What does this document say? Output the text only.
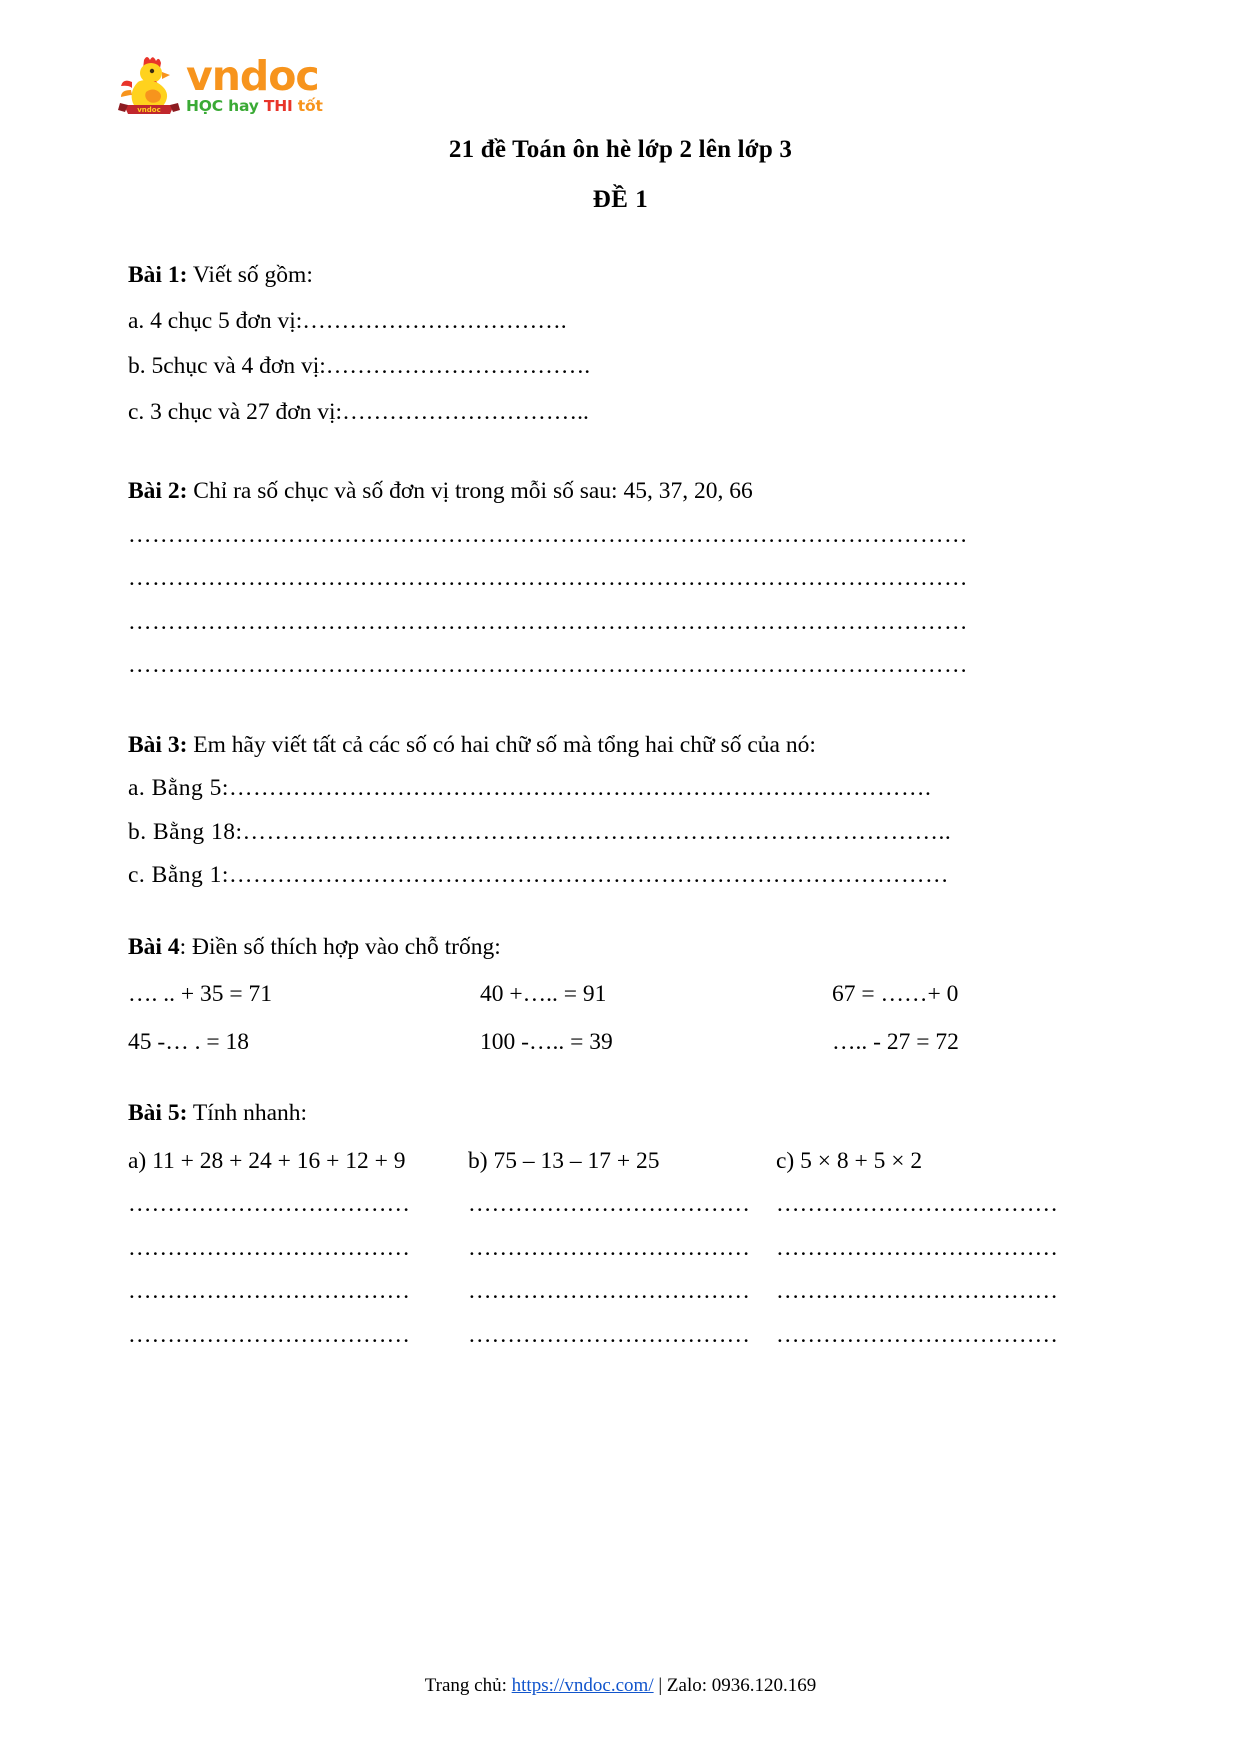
vndoc
vndoc
HỌC hay THI tốt
21 đề Toán ôn hè lớp 2 lên lớp 3
ĐỀ 1

Bài 1: Viết số gồm:

a. 4 chục 5 đơn vị:…………………………….

b. 5chục và 4 đơn vị:…………………………….

c. 3 chục và 27 đơn vị:…………………………..

Bài 2: Chỉ ra số chục và số đơn vị trong mỗi số sau: 45, 37, 20, 66

……………………………………………………………………………………………

……………………………………………………………………………………………

……………………………………………………………………………………………

……………………………………………………………………………………………

Bài 3: Em hãy viết tất cả các số có hai chữ số mà tổng hai chữ số của nó:

a. Bằng 5:…………………………………………………………………………….

b. Bằng 18:……………………………………………………………………………..

c. Bằng 1:………………………………………………………………………………

Bài 4: Điền số thích hợp vào chỗ trống:

…. .. + 35 = 71	40 +….. = 91	67 = ……+ 0
45 -… . = 18	100 -….. = 39	….. - 27 = 72

Bài 5: Tính nhanh:

a) 11 + 28 + 24 + 16 + 12 + 9	b) 75 – 13 – 17 + 25	c) 5 × 8 + 5 × 2
………………………………	………………………………	………………………………
………………………………	………………………………	………………………………
………………………………	………………………………	………………………………
………………………………	………………………………	………………………………
Trang chủ: https://vndoc.com/ | Zalo: 0936.120.169
